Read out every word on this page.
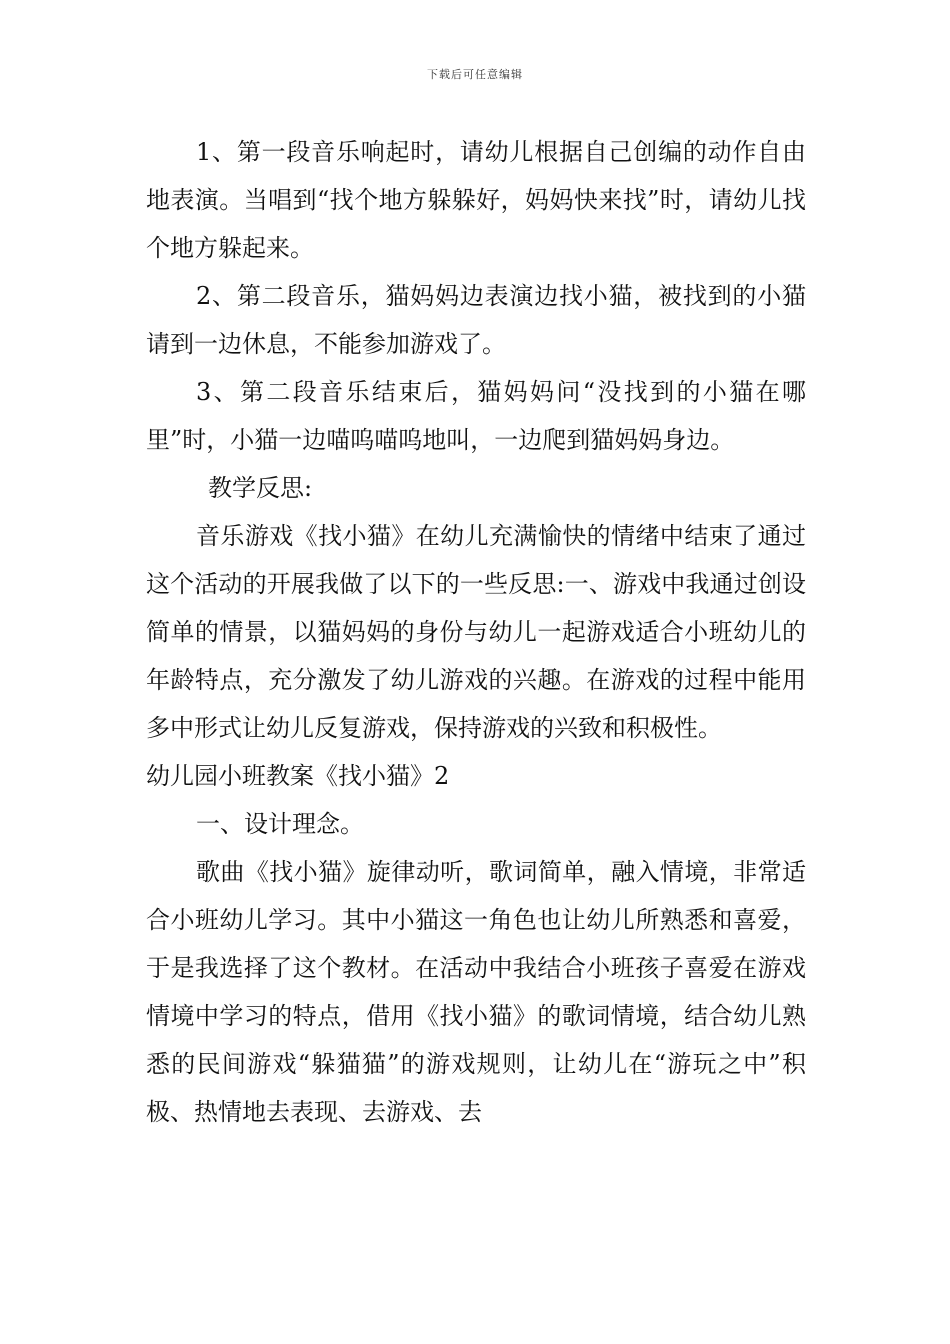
下载后可任意编辑

1、第一段音乐响起时，请幼儿根据自己创编的动作自由地表演。当唱到“找个地方躲躲好，妈妈快来找”时，请幼儿找个地方躲起来。

2、第二段音乐，猫妈妈边表演边找小猫，被找到的小猫请到一边休息，不能参加游戏了。

3、第二段音乐结束后，猫妈妈问“没找到的小猫在哪里”时，小猫一边喵呜喵呜地叫，一边爬到猫妈妈身边。

教学反思:

音乐游戏《找小猫》在幼儿充满愉快的情绪中结束了通过这个活动的开展我做了以下的一些反思:一、游戏中我通过创设简单的情景，以猫妈妈的身份与幼儿一起游戏适合小班幼儿的年龄特点，充分激发了幼儿游戏的兴趣。在游戏的过程中能用多中形式让幼儿反复游戏，保持游戏的兴致和积极性。

幼儿园小班教案《找小猫》2

一、设计理念。

歌曲《找小猫》旋律动听，歌词简单，融入情境，非常适合小班幼儿学习。其中小猫这一角色也让幼儿所熟悉和喜爱，于是我选择了这个教材。在活动中我结合小班孩子喜爱在游戏情境中学习的特点，借用《找小猫》的歌词情境，结合幼儿熟悉的民间游戏“躲猫猫”的游戏规则，让幼儿在“游玩之中”积极、热情地去表现、去游戏、去
